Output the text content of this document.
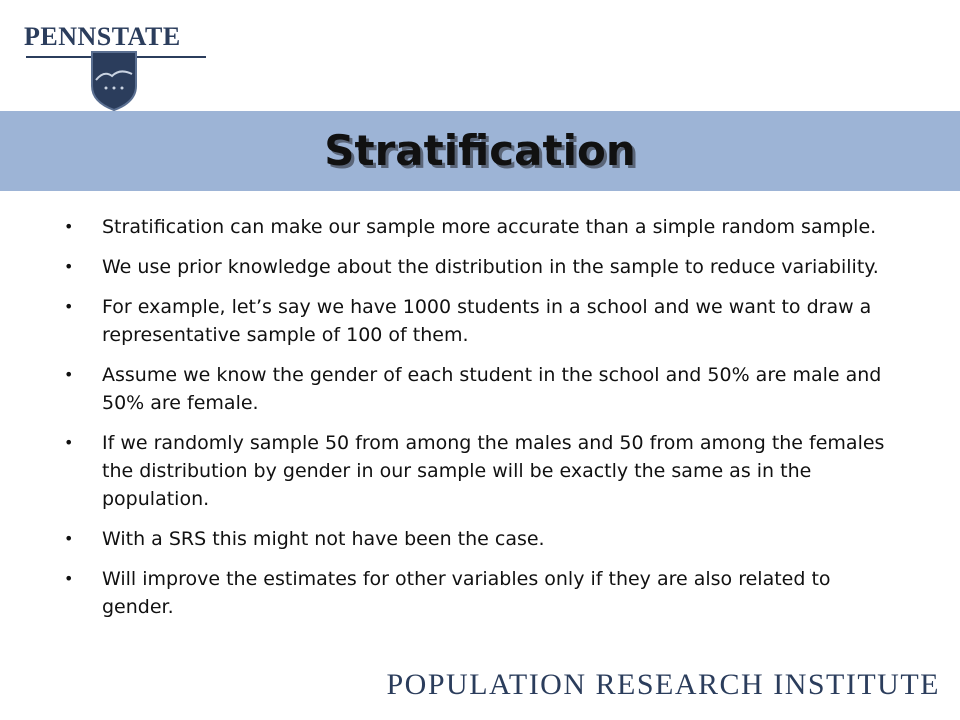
PENNSTATE
Stratification
• Stratification can make our sample more accurate than a simple random sample.
• We use prior knowledge about the distribution in the sample to reduce variability.
• For example, let’s say we have 1000 students in a school and we want to draw a representative sample of 100 of them.
• Assume we know the gender of each student in the school and 50% are male and 50% are female.
• If we randomly sample 50 from among the males and 50 from among the females the distribution by gender in our sample will be exactly the same as in the population.
• With a SRS this might not have been the case.
• Will improve the estimates for other variables only if they are also related to gender.
POPULATION RESEARCH INSTITUTE
